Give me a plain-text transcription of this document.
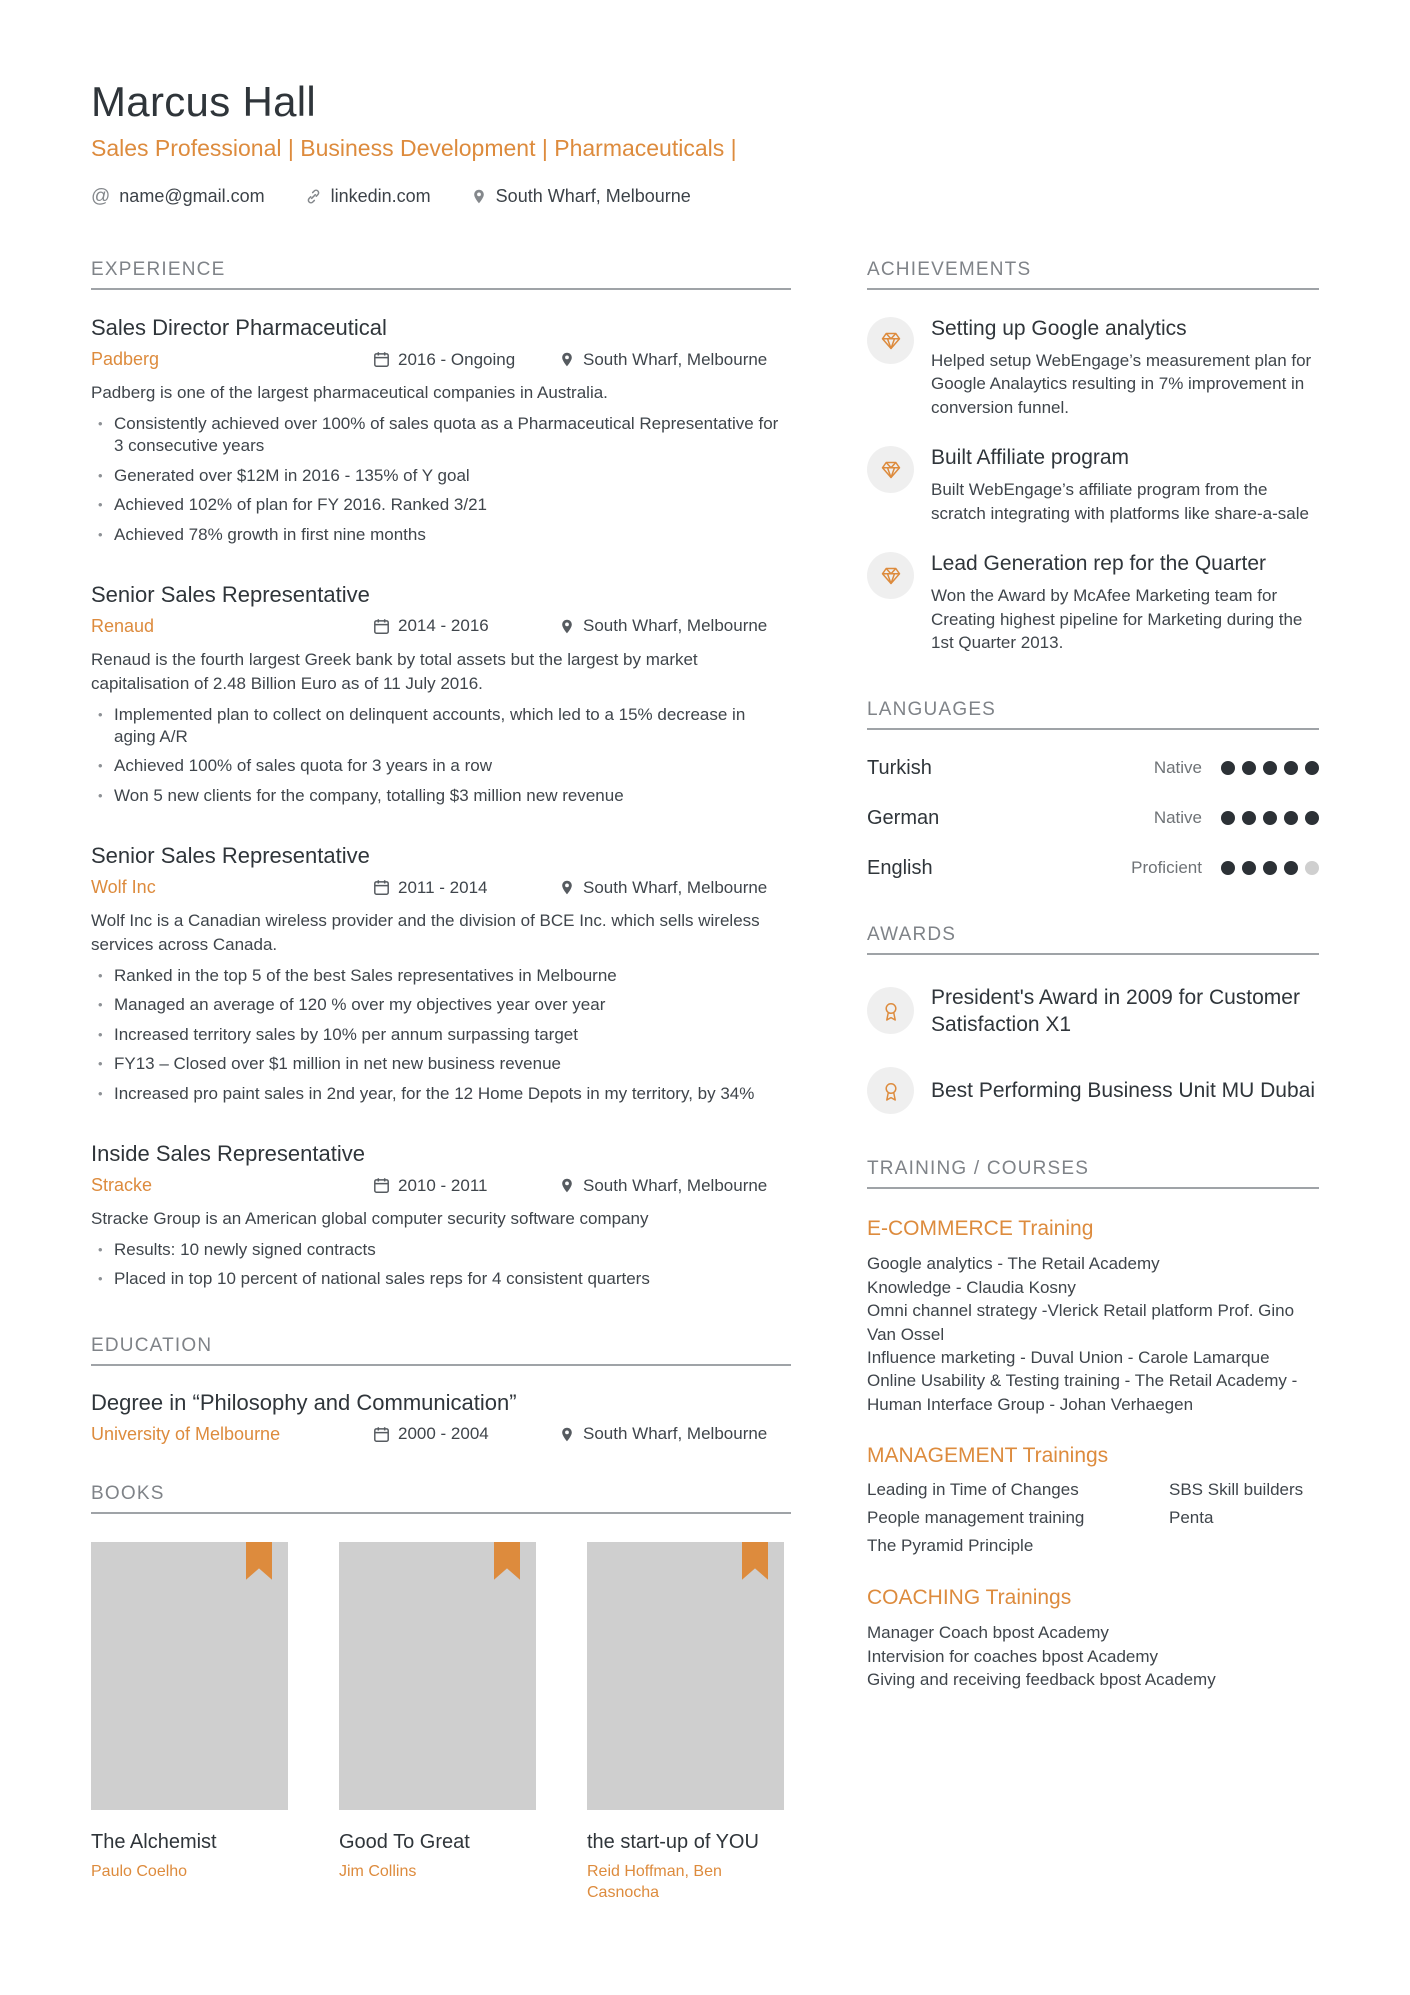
Marcus Hall
Sales Professional | Business Development | Pharmaceuticals |
@ name@gmail.com	linkedin.com	South Wharf, Melbourne
EXPERIENCE
Sales Director Pharmaceutical
Padberg	2016 - Ongoing	South Wharf, Melbourne

Padberg is one of the largest pharmaceutical companies in Australia.

• Consistently achieved over 100% of sales quota as a Pharmaceutical Representative for 3 consecutive years
• Generated over $12M in 2016 - 135% of Y goal
• Achieved 102% of plan for FY 2016. Ranked 3/21
• Achieved 78% growth in first nine months
Senior Sales Representative
Renaud	2014 - 2016	South Wharf, Melbourne

Renaud is the fourth largest Greek bank by total assets but the largest by market capitalisation of 2.48 Billion Euro as of 11 July 2016.

• Implemented plan to collect on delinquent accounts, which led to a 15% decrease in aging A/R
• Achieved 100% of sales quota for 3 years in a row
• Won 5 new clients for the company, totalling $3 million new revenue
Senior Sales Representative
Wolf Inc	2011 - 2014	South Wharf, Melbourne

Wolf Inc is a Canadian wireless provider and the division of BCE Inc. which sells wireless services across Canada.

• Ranked in the top 5 of the best Sales representatives in Melbourne
• Managed an average of 120 % over my objectives year over year
• Increased territory sales by 10% per annum surpassing target
• FY13 – Closed over $1 million in net new business revenue
• Increased pro paint sales in 2nd year, for the 12 Home Depots in my territory, by 34%
Inside Sales Representative
Stracke	2010 - 2011	South Wharf, Melbourne

Stracke Group is an American global computer security software company

• Results: 10 newly signed contracts
• Placed in top 10 percent of national sales reps for 4 consistent quarters
EDUCATION
Degree in “Philosophy and Communication”
University of Melbourne	2000 - 2004	South Wharf, Melbourne
BOOKS
The Alchemist
Paulo Coelho
Good To Great
Jim Collins
the start-up of YOU
Reid Hoffman, Ben Casnocha
ACHIEVEMENTS
Setting up Google analytics
Helped setup WebEngage’s measurement plan for Google Analaytics resulting in 7% improvement in conversion funnel.
Built Affiliate program
Built WebEngage’s affiliate program from the scratch integrating with platforms like share-a-sale
Lead Generation rep for the Quarter
Won the Award by McAfee Marketing team for Creating highest pipeline for Marketing during the 1st Quarter 2013.
LANGUAGES
Turkish	Native
German	Native
English	Proficient
AWARDS
President's Award in 2009 for Customer Satisfaction X1
Best Performing Business Unit MU Dubai
TRAINING / COURSES
E-COMMERCE Training
Google analytics - The Retail Academy
Knowledge - Claudia Kosny
Omni channel strategy -Vlerick Retail platform Prof. Gino Van Ossel
Influence marketing - Duval Union - Carole Lamarque
Online Usability & Testing training - The Retail Academy - Human Interface Group - Johan Verhaegen
MANAGEMENT Trainings
Leading in Time of Changes	SBS Skill builders
People management training	Penta
The Pyramid Principle
COACHING Trainings
Manager Coach bpost Academy
Intervision for coaches bpost Academy
Giving and receiving feedback bpost Academy
